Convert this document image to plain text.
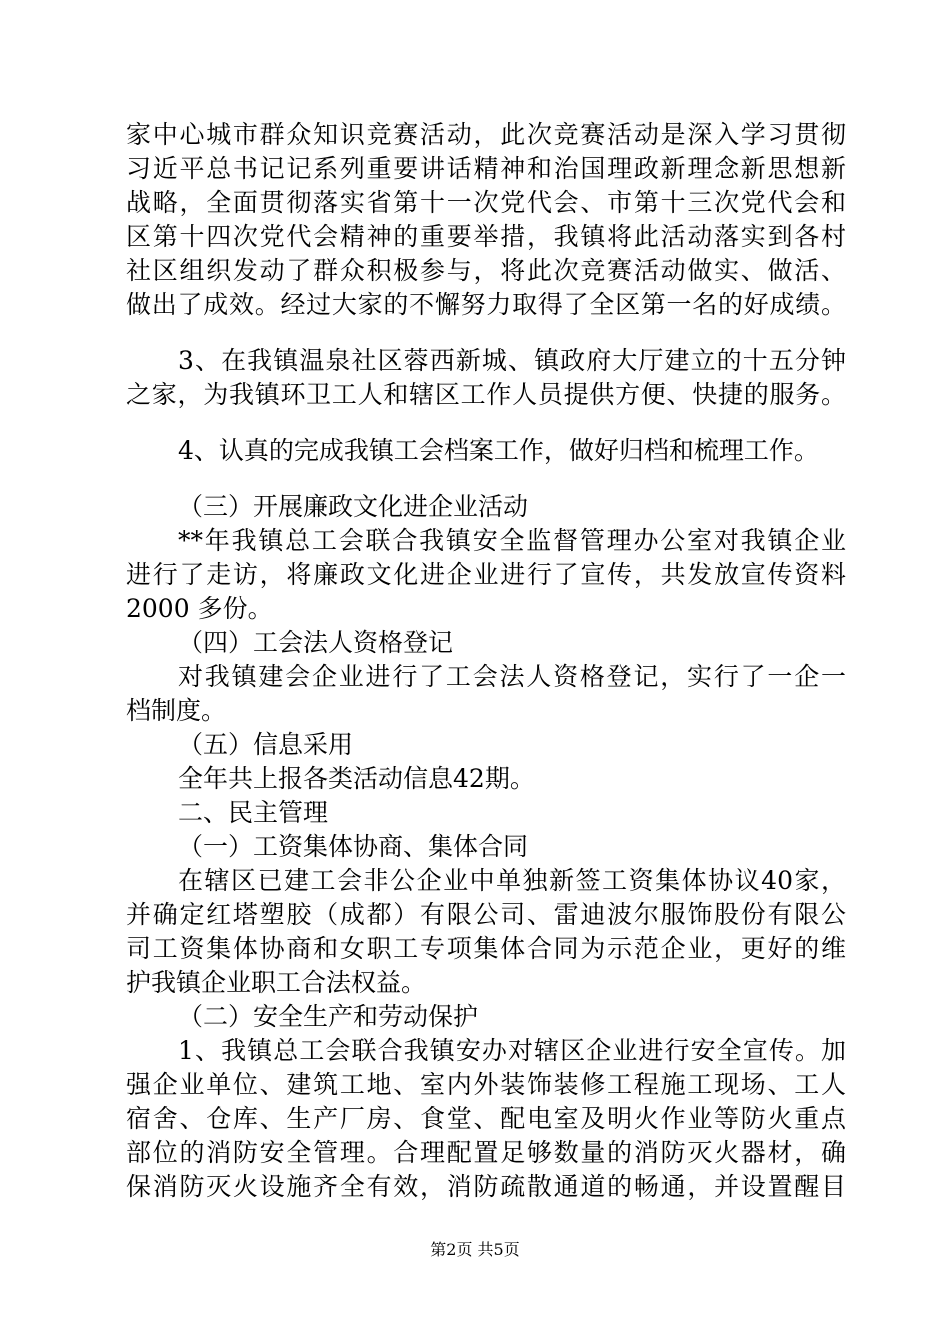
家中心城市群众知识竞赛活动，此次竞赛活动是深入学习贯彻
习近平总书记记系列重要讲话精神和治国理政新理念新思想新
战略，全面贯彻落实省第十一次党代会、市第十三次党代会和
区第十四次党代会精神的重要举措，我镇将此活动落实到各村
社区组织发动了群众积极参与，将此次竞赛活动做实、做活、
做出了成效。经过大家的不懈努力取得了全区第一名的好成绩。
3、在我镇温泉社区蓉西新城、镇政府大厅建立的十五分钟
之家，为我镇环卫工人和辖区工作人员提供方便、快捷的服务。
4、认真的完成我镇工会档案工作，做好归档和梳理工作。
（三）开展廉政文化进企业活动
**年我镇总工会联合我镇安全监督管理办公室对我镇企业
进行了走访，将廉政文化进企业进行了宣传，共发放宣传资料
2000 多份。
（四）工会法人资格登记
对我镇建会企业进行了工会法人资格登记，实行了一企一
档制度。
（五）信息采用
全年共上报各类活动信息42期。
二、民主管理
（一）工资集体协商、集体合同
在辖区已建工会非公企业中单独新签工资集体协议40家，
并确定红塔塑胶（成都）有限公司、雷迪波尔服饰股份有限公
司工资集体协商和女职工专项集体合同为示范企业，更好的维
护我镇企业职工合法权益。
（二）安全生产和劳动保护
1、我镇总工会联合我镇安办对辖区企业进行安全宣传。加
强企业单位、建筑工地、室内外装饰装修工程施工现场、工人
宿舍、仓库、生产厂房、食堂、配电室及明火作业等防火重点
部位的消防安全管理。合理配置足够数量的消防灭火器材，确
保消防灭火设施齐全有效，消防疏散通道的畅通，并设置醒目
第2页 共5页
